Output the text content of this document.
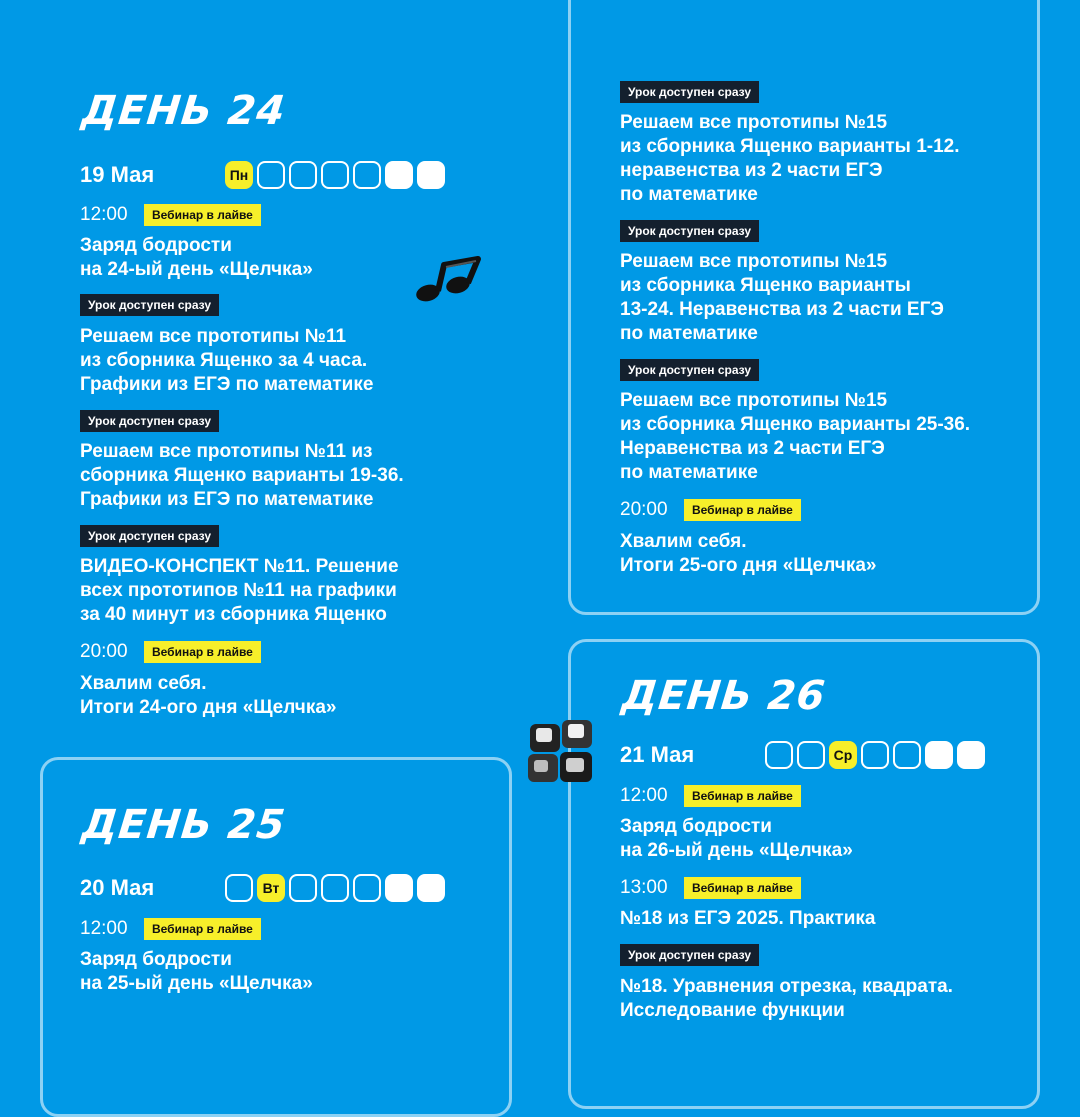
ДЕНЬ 24
19 Мая	Пн
12:00	Вебинар в лайве
Заряд бодрости
на 24-ый день «Щелчка»
Урок доступен сразу
Решаем все прототипы №11
из сборника Ященко за 4 часа.
Графики из ЕГЭ по математике
Урок доступен сразу
Решаем все прототипы №11 из
сборника Ященко варианты 19-36.
Графики из ЕГЭ по математике
Урок доступен сразу
ВИДЕО-КОНСПЕКТ №11. Решение
всех прототипов №11 на графики
за 40 минут из сборника Ященко
20:00	Вебинар в лайве
Хвалим себя.
Итоги 24-ого дня «Щелчка»
ДЕНЬ 25
20 Мая	Вт
12:00	Вебинар в лайве
Заряд бодрости
на 25-ый день «Щелчка»
Урок доступен сразу
Решаем все прототипы №15
из сборника Ященко варианты 1-12.
неравенства из 2 части ЕГЭ
по математике
Урок доступен сразу
Решаем все прототипы №15
из сборника Ященко варианты
13-24. Неравенства из 2 части ЕГЭ
по математике
Урок доступен сразу
Решаем все прототипы №15
из сборника Ященко варианты 25-36.
Неравенства из 2 части ЕГЭ
по математике
20:00	Вебинар в лайве
Хвалим себя.
Итоги 25-ого дня «Щелчка»
ДЕНЬ 26
21 Мая	Ср
12:00	Вебинар в лайве
Заряд бодрости
на 26-ый день «Щелчка»
13:00	Вебинар в лайве
№18 из ЕГЭ 2025. Практика
Урок доступен сразу
№18. Уравнения отрезка, квадрата.
Исследование функции
